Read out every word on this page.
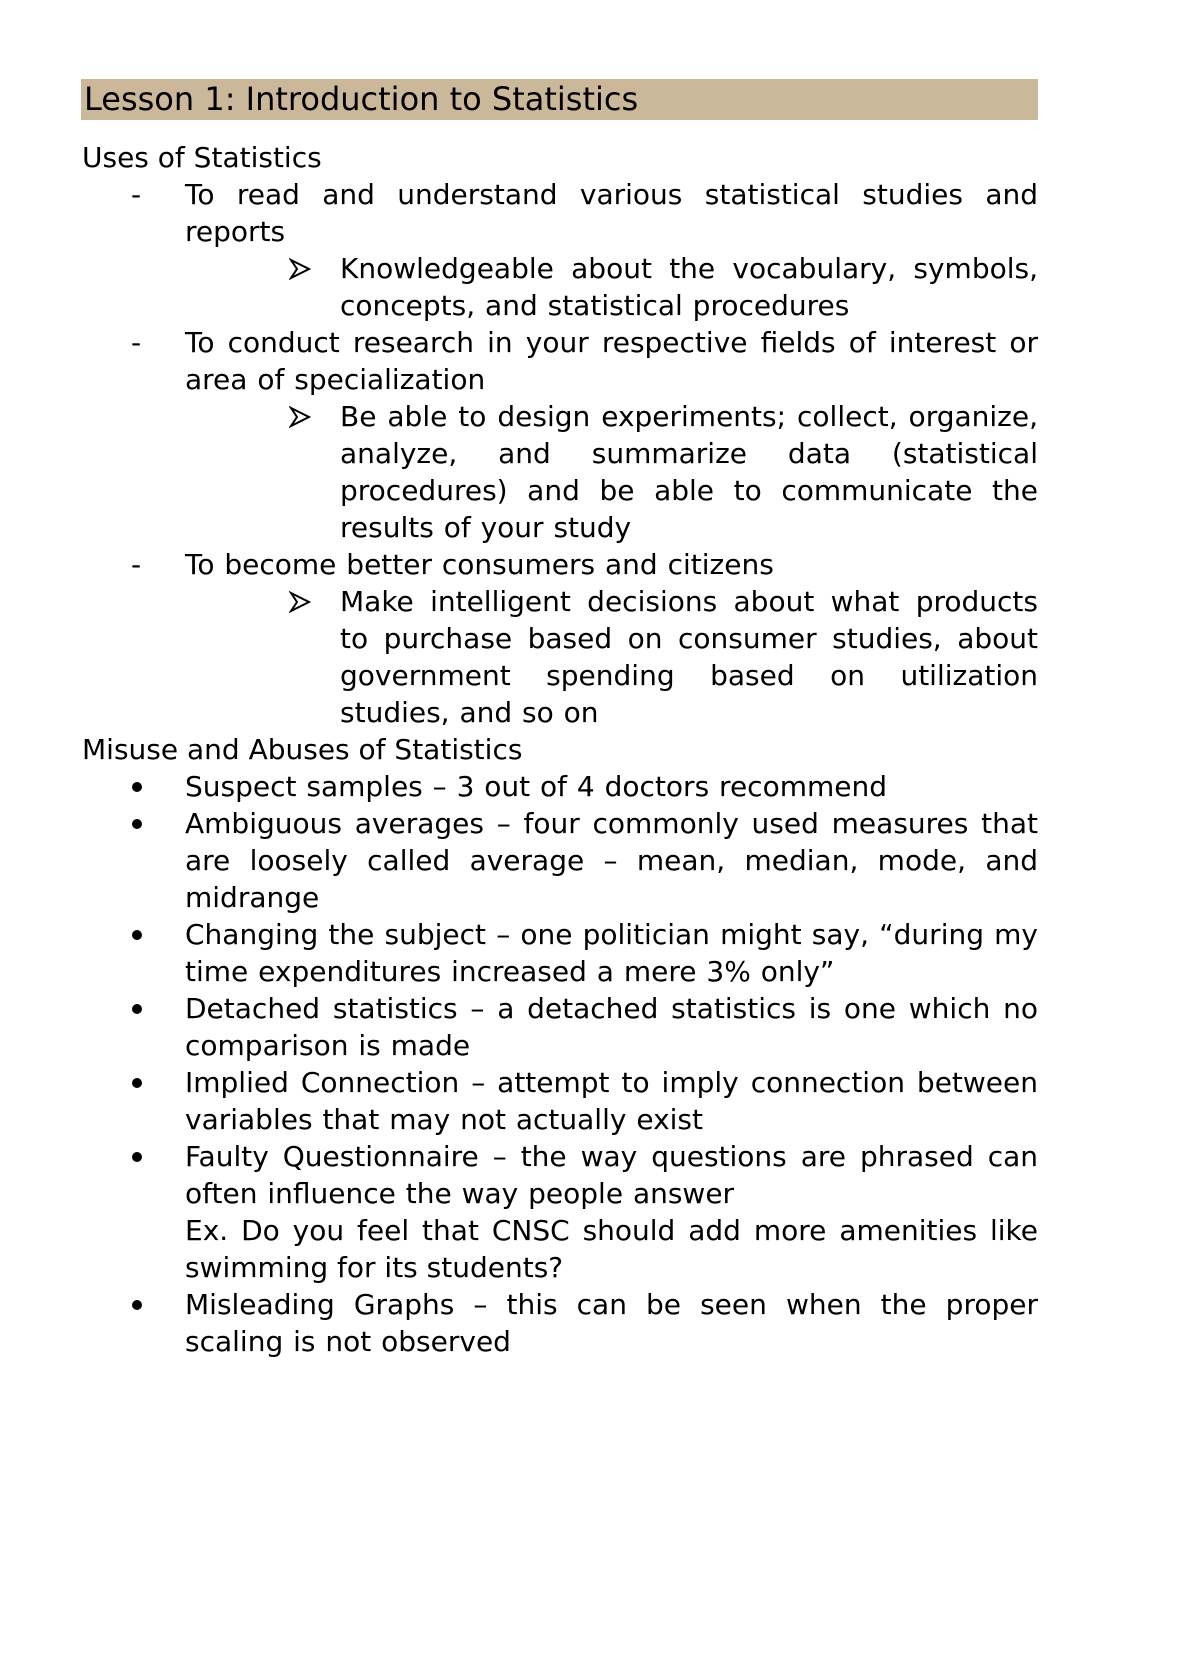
Lesson 1: Introduction to Statistics

Uses of Statistics

- To read and understand various statistical studies and reports
Knowledgeable about the vocabulary, symbols, concepts, and statistical procedures
- To conduct research in your respective fields of interest or area of specialization
Be able to design experiments; collect, organize, analyze, and summarize data (statistical procedures) and be able to communicate the results of your study
- To become better consumers and citizens
Make intelligent decisions about what products to purchase based on consumer studies, about government spending based on utilization studies, and so on

Misuse and Abuses of Statistics

Suspect samples – 3 out of 4 doctors recommend
Ambiguous averages – four commonly used measures that are loosely called average – mean, median, mode, and midrange
Changing the subject – one politician might say, “during my time expenditures increased a mere 3% only”
Detached statistics – a detached statistics is one which no comparison is made
Implied Connection – attempt to imply connection between variables that may not actually exist
Faulty Questionnaire – the way questions are phrased can often influence the way people answer
Ex. Do you feel that CNSC should add more amenities like swimming for its students?
Misleading Graphs – this can be seen when the proper scaling is not observed
